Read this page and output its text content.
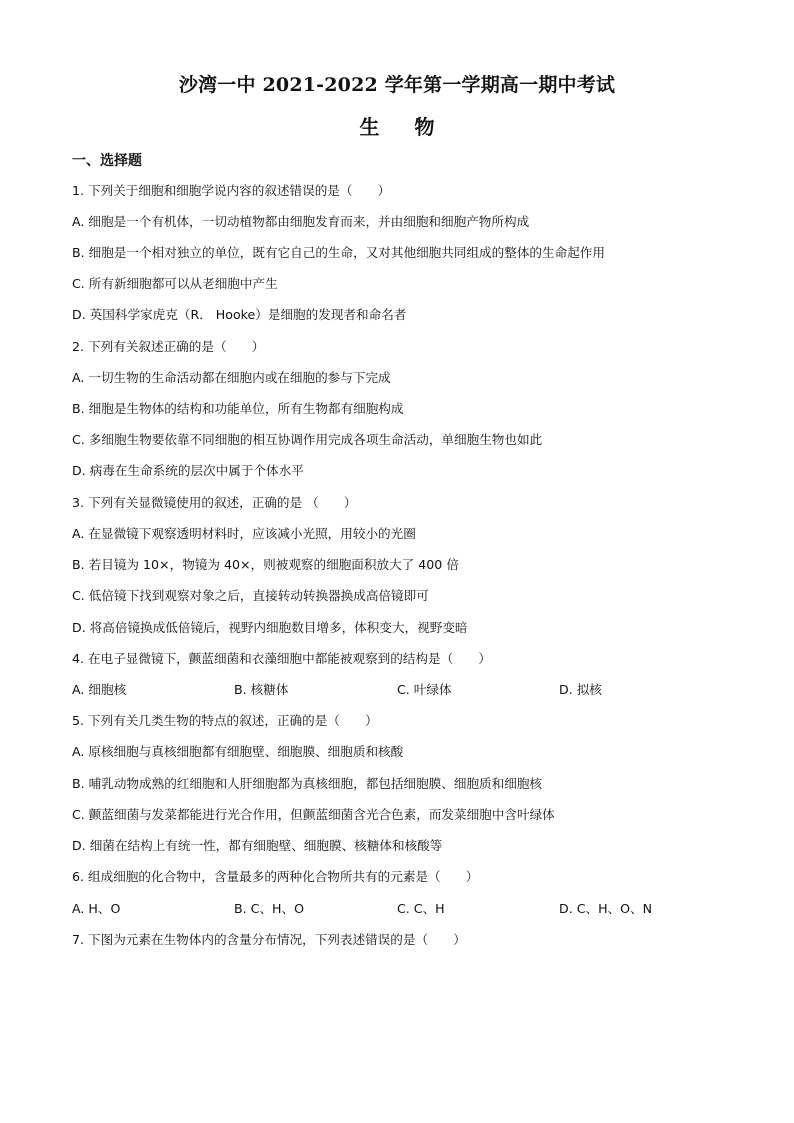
沙湾一中 2021-2022 学年第一学期高一期中考试
生 物
一、选择题
1. 下列关于细胞和细胞学说内容的叙述错误的是（　　）
A. 细胞是一个有机体，一切动植物都由细胞发育而来，并由细胞和细胞产物所构成
B. 细胞是一个相对独立的单位，既有它自己的生命，又对其他细胞共同组成的整体的生命起作用
C. 所有新细胞都可以从老细胞中产生
D. 英国科学家虎克（R． Hooke）是细胞的发现者和命名者
2. 下列有关叙述正确的是（　　）
A. 一切生物的生命活动都在细胞内或在细胞的参与下完成
B. 细胞是生物体的结构和功能单位，所有生物都有细胞构成
C. 多细胞生物要依靠不同细胞的相互协调作用完成各项生命活动，单细胞生物也如此
D. 病毒在生命系统的层次中属于个体水平
3. 下列有关显微镜使用的叙述，正确的是 （　　）
A. 在显微镜下观察透明材料时，应该减小光照，用较小的光圈
B. 若目镜为 10×，物镜为 40×，则被观察的细胞面积放大了 400 倍
C. 低倍镜下找到观察对象之后，直接转动转换器换成高倍镜即可
D. 将高倍镜换成低倍镜后，视野内细胞数目增多，体积变大，视野变暗
4. 在电子显微镜下，颤蓝细菌和衣藻细胞中都能被观察到的结构是（　　）
A. 细胞核	B. 核糖体	C. 叶绿体	D. 拟核
5. 下列有关几类生物的特点的叙述，正确的是（　　）
A. 原核细胞与真核细胞都有细胞壁、细胞膜、细胞质和核酸
B. 哺乳动物成熟的红细胞和人肝细胞都为真核细胞，都包括细胞膜、细胞质和细胞核
C. 颤蓝细菌与发菜都能进行光合作用，但颤蓝细菌含光合色素，而发菜细胞中含叶绿体
D. 细菌在结构上有统一性，都有细胞壁、细胞膜、核糖体和核酸等
6. 组成细胞的化合物中，含量最多的两种化合物所共有的元素是（　　）
A. H、O	B. C、H、O	C. C、H	D. C、H、O、N
7. 下图为元素在生物体内的含量分布情况，下列表述错误的是（　　）
